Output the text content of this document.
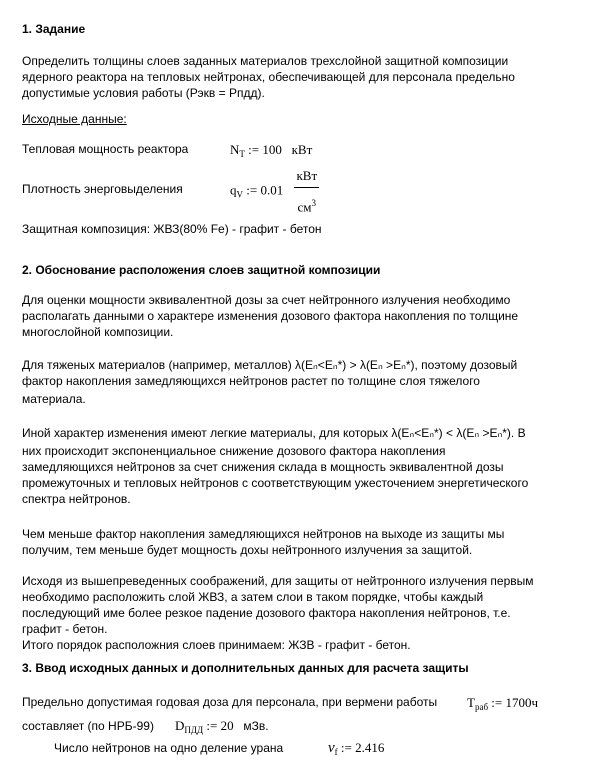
1. Задание
Определить толщины слоев заданных материалов трехслойной защитной композиции
ядерного реактора на тепловых нейтронах, обеспечивающей для персонала предельно
допустимые условия работы (Рэкв = Рпдд).
Исходные данные:
Тепловая мощность реактора	$N_T$ := 100 кВт
Плотность энерговыделения	$q_V$ := $0.01 \frac{\text{кВт}}{см^3}$
Защитная композиция: ЖВЗ(80% Fe) - графит - бетон
2. Обоснование расположения слоев защитной композиции
Для оценки мощности эквивалентной дозы за счет нейтронного излучения необходимо
располагать данными о характере изменения дозового фактора накопления по толщине
многослойной композиции.
Для тяженых материалов (например, металлов) λ(Eₙ<Eₙ*) > λ(Eₙ >Eₙ*), поэтому дозовый
фактор накопления замедляющихся нейтронов растет по толщине слоя тяжелого
материала.
Иной характер изменения имеют легкие материалы, для которых λ(Eₙ<Eₙ*) < λ(Eₙ >Eₙ*). В
них происходит экспоненциальное снижение дозового фактора накопления
замедляющихся нейтронов за счет снижения склада в мощность эквивалентной дозы
промежуточных и тепловых нейтронов с соответствующим ужесточением энергетического
спектра нейтронов.
Чем меньше фактор накопления замедляющихся нейтронов на выходе из защиты мы
получим, тем меньше будет мощность дохы нейтронного излучения за защитой.
Исходя из вышепреведенных соображений, для защиты от нейтронного излучения первым
необходимо расположить слой ЖВЗ, а затем слои в таком порядке, чтобы каждый
последующий име более резкое падение дозового фактора накопления нейтронов, т.е.
графит - бетон.
Итого порядок расположния слоев принимаем: ЖЗВ - графит - бетон.
3. Ввод исходных данных и дополнительных данных для расчета защиты
Предельно допустимая годовая доза для персонала, при вермени работы $T_{раб}$ := 1700ч
составляет (по НРБ-99) $D_{ПДД}$ := 20 мЗв.
Число нейтронов на одно деление урана	$\nu_f$ := 2.416
